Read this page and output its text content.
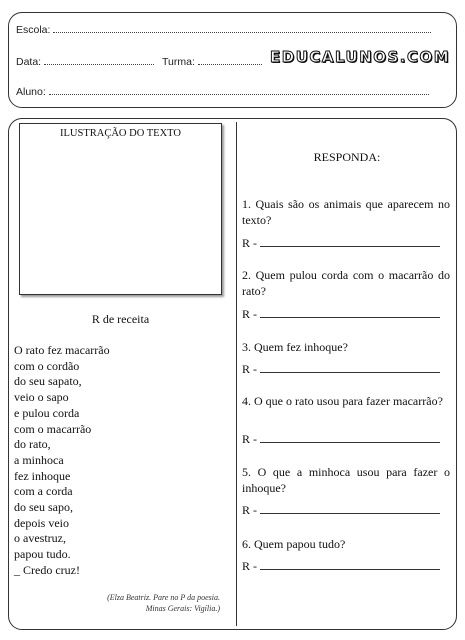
Escola:
Data:	Turma:	EDUCALUNOS.COM
Aluno:
ILUSTRAÇÃO DO TEXTO
R de receita
O rato fez macarrão
com o cordão
do seu sapato,
veio o sapo
e pulou corda
com o macarrão
do rato,
a minhoca
fez inhoque
com a corda
do seu sapo,
depois veio
o avestruz,
papou tudo.
_ Credo cruz!
(Elza Beatriz. Pare no P da poesia.
Minas Gerais: Vigília.)
RESPONDA:
1. Quais são os animais que aparecem no texto?
R -
2. Quem pulou corda com o macarrão do rato?
R -
3. Quem fez inhoque?
R -
4. O que o rato usou para fazer macarrão?
R -
5. O que a minhoca usou para fazer o inhoque?
R -
6. Quem papou tudo?
R -
